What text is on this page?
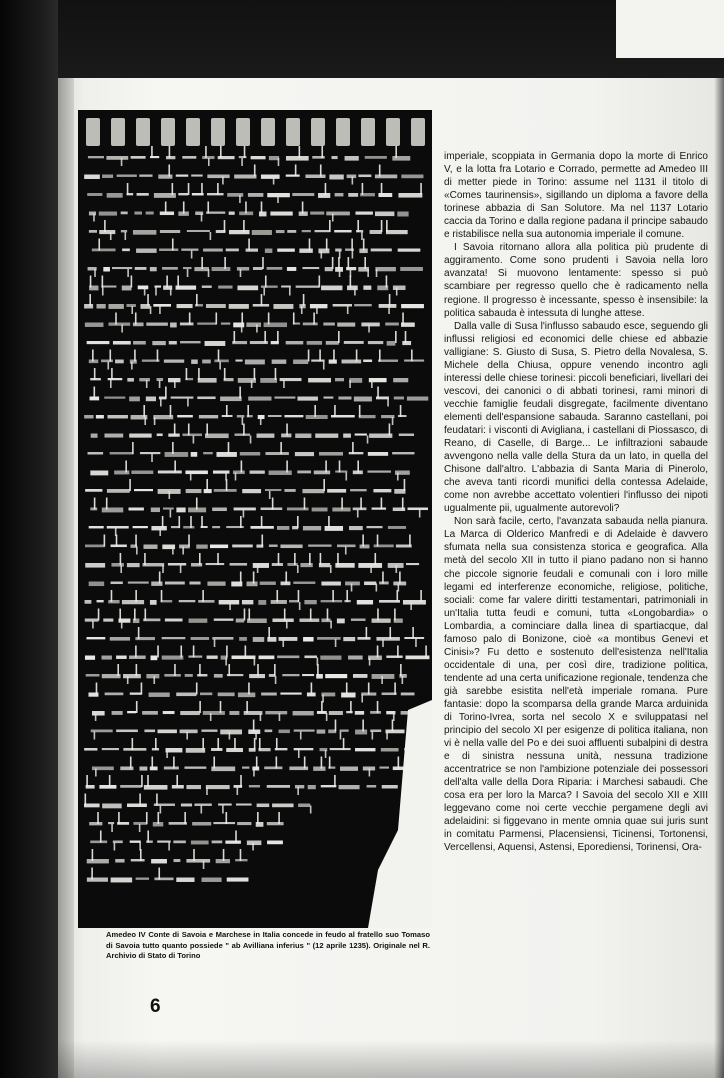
Amedeo IV Conte di Savoia e Marchese in Italia concede in feudo al fratello suo Tomaso di Savoia tutto quanto possiede " ab Avilliana inferius " (12 aprile 1235). Originale nel R. Archivio di Stato di Torino

imperiale, scoppiata in Germania dopo la morte di Enrico V, e la lotta fra Lotario e Corrado, permette ad Amedeo III di metter piede in Torino: assume nel 1131 il titolo di «Comes taurinensis», sigillando un diploma a favore della torinese abbazia di San Solutore. Ma nel 1137 Lotario caccia da Torino e dalla regione padana il principe sabaudo e ristabilisce nella sua autonomia imperiale il comune.

I Savoia ritornano allora alla politica più prudente di aggiramento. Come sono prudenti i Savoia nella loro avanzata! Si muovono lentamente: spesso si può scambiare per regresso quello che è radicamento nella regione. Il progresso è incessante, spesso è insensibile: la politica sabauda è intessuta di lunghe attese.

Dalla valle di Susa l'influsso sabaudo esce, seguendo gli influssi religiosi ed economici delle chiese ed abbazie valligiane: S. Giusto di Susa, S. Pietro della Novalesa, S. Michele della Chiusa, oppure venendo incontro agli interessi delle chiese torinesi: piccoli beneficiari, livellari dei vescovi, dei canonici o di abbati torinesi, rami minori di vecchie famiglie feudali disgregate, facilmente diventano elementi dell'espansione sabauda. Saranno castellani, poi feudatari: i visconti di Avigliana, i castellani di Piossasco, di Reano, di Caselle, di Barge... Le infiltrazioni sabaude avvengono nella valle della Stura da un lato, in quella del Chisone dall'altro. L'abbazia di Santa Maria di Pinerolo, che aveva tanti ricordi munifici della contessa Adelaide, come non avrebbe accettato volentieri l'influsso dei nipoti ugualmente pii, ugualmente autorevoli?

Non sarà facile, certo, l'avanzata sabauda nella pianura. La Marca di Olderico Manfredi e di Adelaide è davvero sfumata nella sua consistenza storica e geografica. Alla metà del secolo XII in tutto il piano padano non si hanno che piccole signorie feudali e comunali con i loro mille legami ed interferenze economiche, religiose, politiche, sociali: come far valere diritti testamentari, patrimoniali in un'Italia tutta feudi e comuni, tutta «Longobardia» o Lombardia, a cominciare dalla linea di spartiacque, dal famoso palo di Bonizone, cioè «a montibus Genevi et Cinisi»? Fu detto e sostenuto dell'esistenza nell'Italia occidentale di una, per così dire, tradizione politica, tendente ad una certa unificazione regionale, tendenza che già sarebbe esistita nell'età imperiale romana. Pure fantasie: dopo la scomparsa della grande Marca arduinida di Torino-Ivrea, sorta nel secolo X e sviluppatasi nel principio del secolo XI per esigenze di politica italiana, non vi è nella valle del Po e dei suoi affluenti subalpini di destra e di sinistra nessuna unità, nessuna tradizione accentratrice se non l'ambizione potenziale dei possessori dell'alta valle della Dora Riparia: i Marchesi sabaudi. Che cosa era per loro la Marca? I Savoia del secolo XII e XIII leggevano come noi certe vecchie pergamene degli avi adelaidini: si figgevano in mente omnia quae sui juris sunt in comitatu Parmensi, Placensiensi, Ticinensi, Tortonensi, Vercellensi, Aquensi, Astensi, Eporediensi, Torinensi, Ora-

6
